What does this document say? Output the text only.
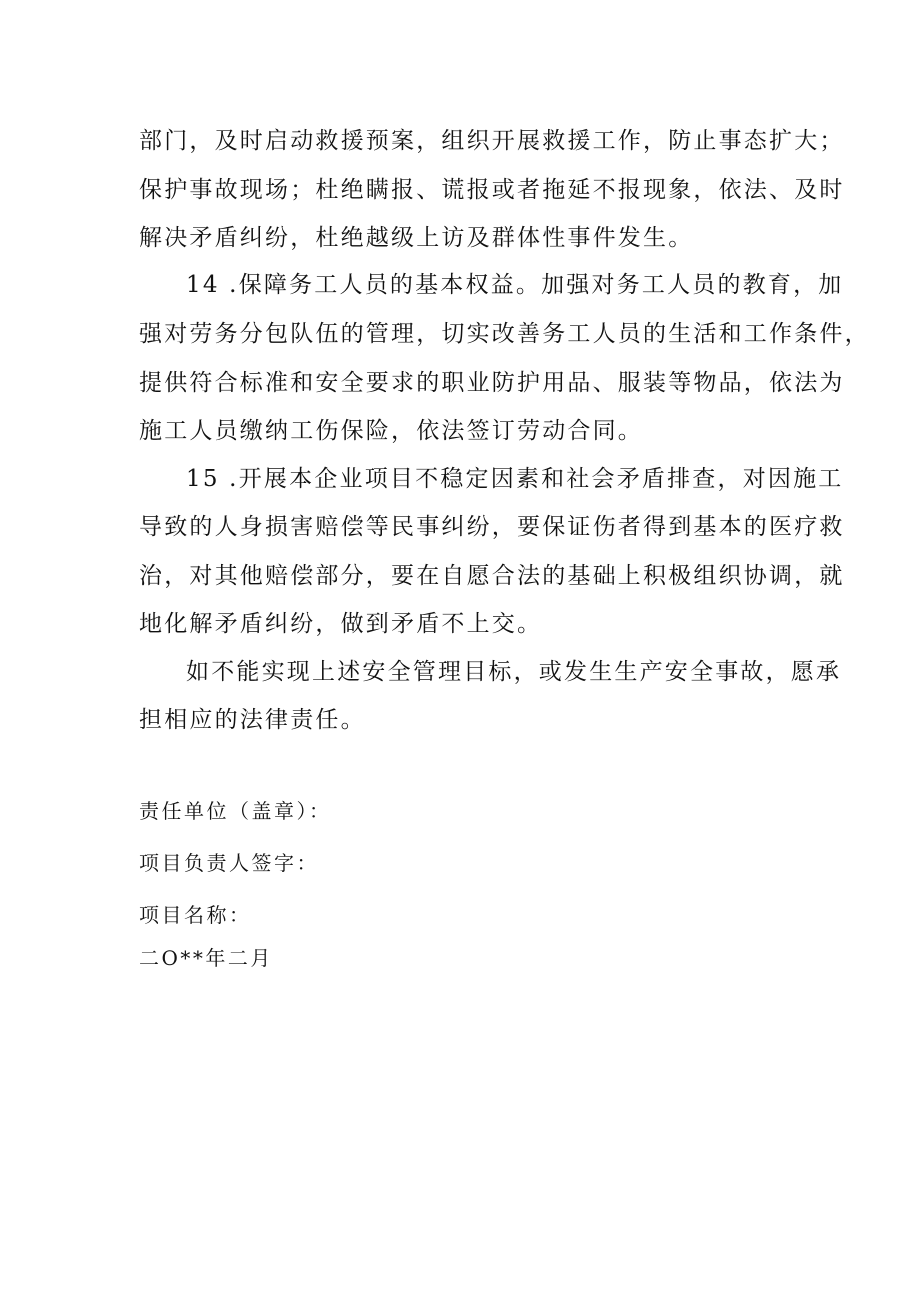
部门，及时启动救援预案，组织开展救援工作，防止事态扩大；
保护事故现场；杜绝瞒报、谎报或者拖延不报现象，依法、及时
解决矛盾纠纷，杜绝越级上访及群体性事件发生。
14 .保障务工人员的基本权益。加强对务工人员的教育，加
强对劳务分包队伍的管理，切实改善务工人员的生活和工作条件，
提供符合标准和安全要求的职业防护用品、服装等物品，依法为
施工人员缴纳工伤保险，依法签订劳动合同。
15 .开展本企业项目不稳定因素和社会矛盾排查，对因施工
导致的人身损害赔偿等民事纠纷，要保证伤者得到基本的医疗救
治，对其他赔偿部分，要在自愿合法的基础上积极组织协调，就
地化解矛盾纠纷，做到矛盾不上交。
如不能实现上述安全管理目标，或发生生产安全事故，愿承
担相应的法律责任。
责任单位（盖章）：
项目负责人签字：
项目名称：
二O**年二月
